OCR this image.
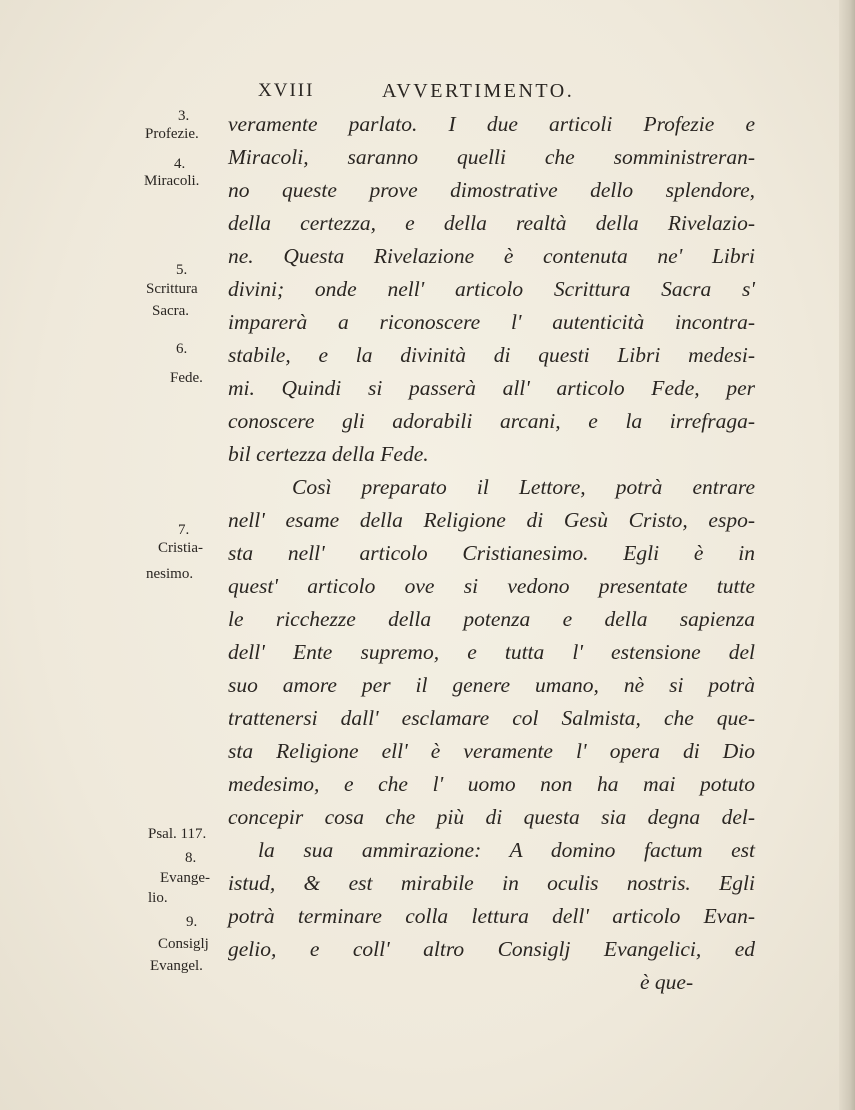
XVIII	AVVERTIMENTO.
3.
Profezie.
4.
Miracoli.
5.
Scrittura
Sacra.
6.
Fede.
7.
Cristia-
nesimo.
Psal. 117.
8.
Evange-
lio.
9.
Consiglj
Evangel.
veramente parlato. I due articoli Profezie e
Miracoli, saranno quelli che somministreran-
no queste prove dimostrative dello splendore,
della certezza, e della realtà della Rivelazio-
ne. Questa Rivelazione è contenuta ne' Libri
divini; onde nell' articolo Scrittura Sacra s'
imparerà a riconoscere l' autenticità incontra-
stabile, e la divinità di questi Libri medesi-
mi. Quindi si passerà all' articolo Fede, per
conoscere gli adorabili arcani, e la irrefraga-
bil certezza della Fede.
Così preparato il Lettore, potrà entrare
nell' esame della Religione di Gesù Cristo, espo-
sta nell' articolo Cristianesimo. Egli è in
quest' articolo ove si vedono presentate tutte
le ricchezze della potenza e della sapienza
dell' Ente supremo, e tutta l' estensione del
suo amore per il genere umano, nè si potrà
trattenersi dall' esclamare col Salmista, che que-
sta Religione ell' è veramente l' opera di Dio
medesimo, e che l' uomo non ha mai potuto
concepir cosa che più di questa sia degna del-
la sua ammirazione: A domino factum est
istud, & est mirabile in oculis nostris. Egli
potrà terminare colla lettura dell' articolo Evan-
gelio, e coll' altro Consiglj Evangelici, ed
è que-
